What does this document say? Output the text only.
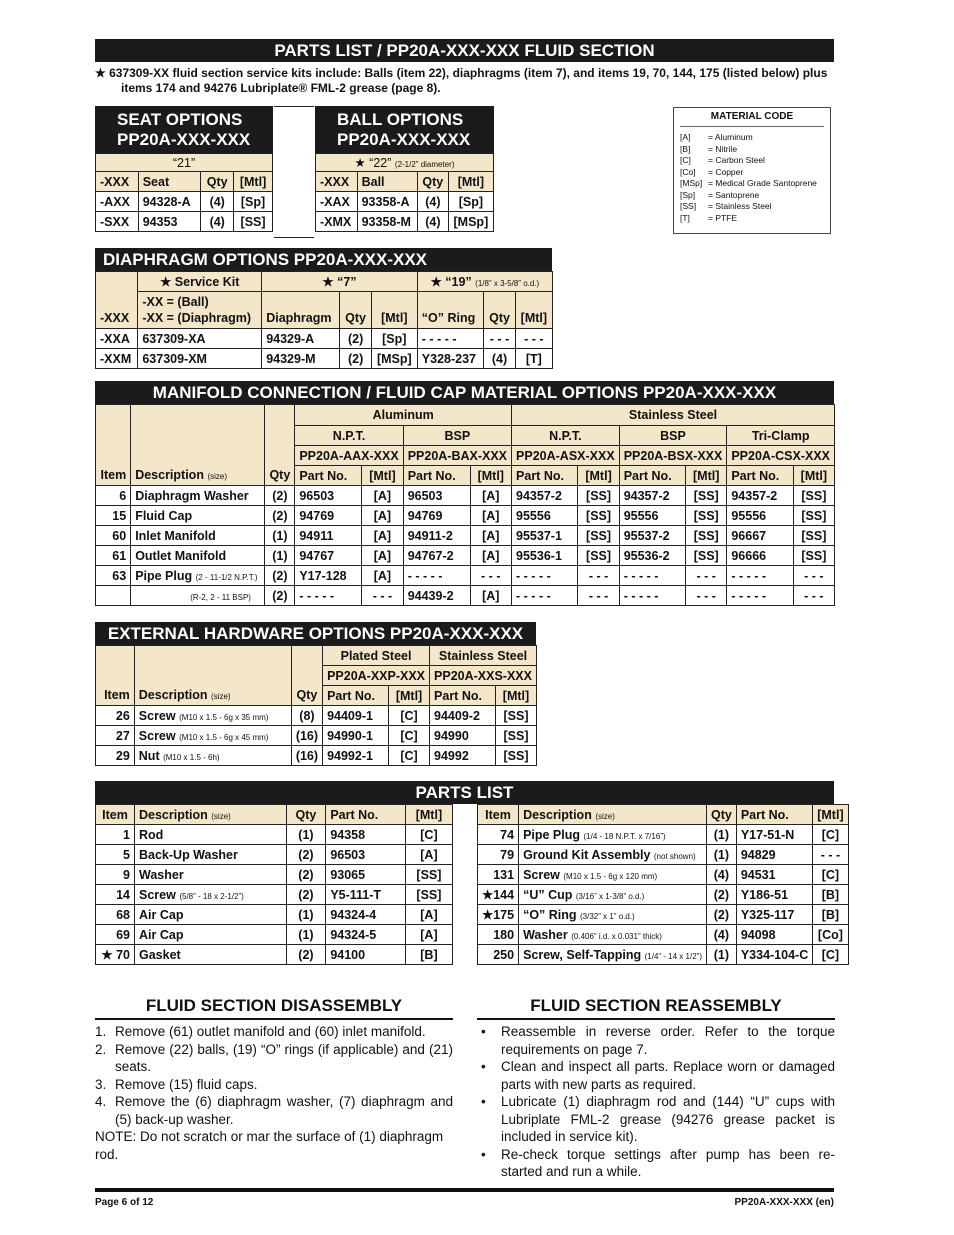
PARTS LIST / PP20A-XXX-XXX FLUID SECTION
★ 637309-XX fluid section service kits include: Balls (item 22), diaphragms (item 7), and items 19, 70, 144, 175 (listed below) plus
items 174 and 94276 Lubriplate® FML-2 grease (page 8).
SEAT OPTIONS
PP20A-XXX-XXX
“21”			
-XXX	Seat	Qty	[Mtl]
-AXX	94328-A	(4)	[Sp]
-SXX	94353	(4)	[SS]
BALL OPTIONS
PP20A-XXX-XXX
★ “22” (2-1/2” diameter)			
-XXX	Ball	Qty	[Mtl]
-XAX	93358-A	(4)	[Sp]
-XMX	93358-M	(4)	[MSp]
MATERIAL CODE
[A]	= Aluminum
[B]	= Nitrile
[C]	= Carbon Steel
[Co]	= Copper
[MSp] = Medical Grade Santoprene
[Sp]	= Santoprene
[SS]	= Stainless Steel
[T]	= PTFE
DIAPHRAGM OPTIONS PP20A-XXX-XXX
-XXX	★ Service Kit	★ “7”			★ “19” (1/8” x 3-5/8” o.d.)		

	-XX = (Ball)
-XX = (Diaphragm)	Diaphragm	Qty	[Mtl]	“O” Ring	Qty	[Mtl]
-XXA	637309-XA	94329-A	(2)	[Sp]	- - - - -	- - -	- - -
-XXM	637309-XM	94329-M	(2)	[MSp]	Y328-237	(4)	[T]
MANIFOLD CONNECTION / FLUID CAP MATERIAL OPTIONS PP20A-XXX-XXX
Item	Description (size)	Qty	Aluminum				Stainless Steel					
			N.P.T.		BSP		N.P.T.		BSP		Tri-Clamp	
			PP20A-AAX-XXX		PP20A-BAX-XXX		PP20A-ASX-XXX		PP20A-BSX-XXX		PP20A-CSX-XXX	
			Part No.	[Mtl]	Part No.	[Mtl]	Part No.	[Mtl]	Part No.	[Mtl]	Part No.	[Mtl]
6	Diaphragm Washer	(2)	96503	[A]	96503	[A]	94357-2	[SS]	94357-2	[SS]	94357-2	[SS]
15	Fluid Cap	(2)	94769	[A]	94769	[A]	95556	[SS]	95556	[SS]	95556	[SS]
60	Inlet Manifold	(1)	94911	[A]	94911-2	[A]	95537-1	[SS]	95537-2	[SS]	96667	[SS]
61	Outlet Manifold	(1)	94767	[A]	94767-2	[A]	95536-1	[SS]	95536-2	[SS]	96666	[SS]
63	Pipe Plug (2 - 11-1/2 N.P.T.)	(2)	Y17-128	[A]	- - - - -	- - -	- - - - -	- - -	- - - - -	- - -	- - - - -	- - -
	(R-2, 2 - 11 BSP)	(2)	- - - - -	- - -	94439-2	[A]	- - - - -	- - -	- - - - -	- - -	- - - - -	- - -
EXTERNAL HARDWARE OPTIONS PP20A-XXX-XXX
Item	Description (size)	Qty	Plated Steel		Stainless Steel	
			PP20A-XXP-XXX		PP20A-XXS-XXX	
			Part No.	[Mtl]	Part No.	[Mtl]
26	Screw (M10 x 1.5 - 6g x 35 mm)	(8)	94409-1	[C]	94409-2	[SS]
27	Screw (M10 x 1.5 - 6g x 45 mm)	(16)	94990-1	[C]	94990	[SS]
29	Nut (M10 x 1.5 - 6h)	(16)	94992-1	[C]	94992	[SS]
PARTS LIST
Item	Description (size)	Qty	Part No.	[Mtl]
1	Rod	(1)	94358	[C]
5	Back-Up Washer	(2)	96503	[A]
9	Washer	(2)	93065	[SS]
14	Screw (5/8” - 18 x 2-1/2”)	(2)	Y5-111-T	[SS]
68	Air Cap	(1)	94324-4	[A]
69	Air Cap	(1)	94324-5	[A]
★ 70	Gasket	(2)	94100	[B]
Item	Description (size)	Qty	Part No.	[Mtl]
74	Pipe Plug (1/4 - 18 N.P.T. x 7/16”)	(1)	Y17-51-N	[C]
79	Ground Kit Assembly (not shown)	(1)	94829	- - -
131	Screw (M10 x 1.5 - 6g x 120 mm)	(4)	94531	[C]
★144	“U” Cup (3/16” x 1-3/8” o.d.)	(2)	Y186-51	[B]
★175	“O” Ring (3/32” x 1” o.d.)	(2)	Y325-117	[B]
180	Washer (0.406” i.d. x 0.031” thick)	(4)	94098	[Co]
250	Screw, Self-Tapping (1/4” - 14 x 1/2”)	(1)	Y334-104-C	[C]
FLUID SECTION DISASSEMBLY
1. Remove (61) outlet manifold and (60) inlet manifold.
2. Remove (22) balls, (19) “O” rings (if applicable) and (21) seats.
3. Remove (15) fluid caps.
4. Remove the (6) diaphragm washer, (7) diaphragm and (5) back-up washer.
NOTE: Do not scratch or mar the surface of (1) diaphragm rod.
FLUID SECTION REASSEMBLY
•	Reassemble in reverse order. Refer to the torque requirements on page 7.
•	Clean and inspect all parts. Replace worn or damaged parts with new parts as required.
•	Lubricate (1) diaphragm rod and (144) “U” cups with Lubriplate FML-2 grease (94276 grease packet is included in service kit).
•	Re-check torque settings after pump has been re-started and run a while.
Page 6 of 12	PP20A-XXX-XXX (en)
